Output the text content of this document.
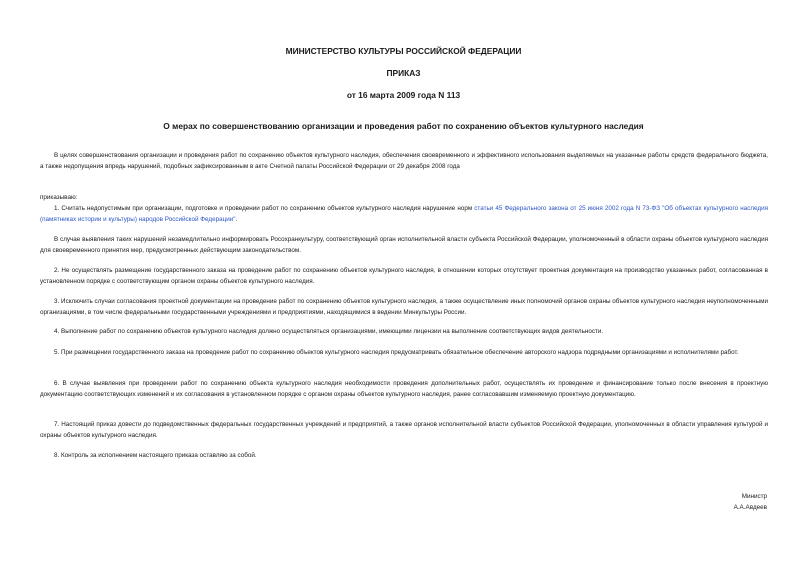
МИНИСТЕРСТВО КУЛЬТУРЫ РОССИЙСКОЙ ФЕДЕРАЦИИ
ПРИКАЗ
от 16 марта 2009 года N 113
О мерах по совершенствованию организации и проведения работ по сохранению объектов культурного наследия
В целях совершенствования организации и проведения работ по сохранению объектов культурного наследия, обеспечения своевременного и эффективного использования выделяемых на указанные работы средств федерального бюджета, а также недопущения впредь нарушений, подобных зафиксированным в акте Счетной палаты Российской Федерации от 29 декабря 2008 года
приказываю:
1. Считать недопустимым при организации, подготовке и проведении работ по сохранению объектов культурного наследия нарушение норм статьи 45 Федерального закона от 25 июня 2002 года N 73-ФЗ "Об объектах культурного наследия (памятниках истории и культуры) народов Российской Федерации".
В случае выявления таких нарушений незамедлительно информировать Росохранкультуру, соответствующий орган исполнительной власти субъекта Российской Федерации, уполномоченный в области охраны объектов культурного наследия для своевременного принятия мер, предусмотренных действующим законодательством.
2. Не осуществлять размещение государственного заказа на проведение работ по сохранению объектов культурного наследия, в отношении которых отсутствует проектная документация на производство указанных работ, согласованная в установленном порядке с соответствующим органом охраны объектов культурного наследия.
3. Исключить случаи согласования проектной документации на проведение работ по сохранению объектов культурного наследия, а также осуществление иных полномочий органов охраны объектов культурного наследия неуполномоченными организациями, в том числе федеральными государственными учреждениями и предприятиями, находящимися в ведении Минкультуры России.
4. Выполнение работ по сохранению объектов культурного наследия должно осуществляться организациями, имеющими лицензии на выполнение соответствующих видов деятельности.
5. При размещении государственного заказа на проведение работ по сохранению объектов культурного наследия предусматривать обязательное обеспечение авторского надзора подрядными организациями и исполнителями работ.
6. В случае выявления при проведении работ по сохранению объекта культурного наследия необходимости проведения дополнительных работ, осуществлять их проведение и финансирование только после внесения в проектную документацию соответствующих изменений и их согласования в установленном порядке с органом охраны объектов культурного наследия, ранее согласовавшим изменяемую проектную документацию.
7. Настоящий приказ довести до подведомственных федеральных государственных учреждений и предприятий, а также органов исполнительной власти субъектов Российской Федерации, уполномоченных в области управления культурой и охраны объектов культурного наследия.
8. Контроль за исполнением настоящего приказа оставляю за собой.
Министр
А.А.Авдеев
